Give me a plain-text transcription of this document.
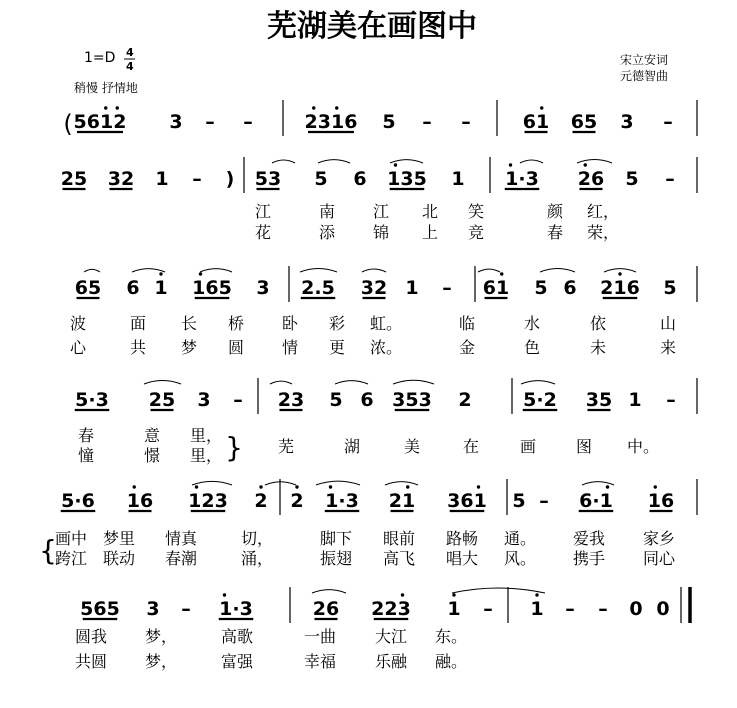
芜湖美在画图中
1=D 4
4
稍慢 抒情地
宋立安词
元德智曲
( 5612 3 – –	2316 5 – –	61 65 3 –
25 32 1 – ) 53 5 6 135 1 1·3 26 5 –
江	南 江 北 笑	颜 红，
花	添 锦 上 竞	春 荣，
65 6 1 165 3 2.5 32 1 – 61 5 6 216 5
波	面 长 桥 卧 彩 虹。	临	水	依	山
心	共 梦 圆 情 更 浓。	金	色	未	来
5·3 25 3 – 23 5 6 353 2	5·2 35 1 –
春	意 里，
憧	憬 里，	芜	湖	美	在	画 图 中。
5·6 16 123 2 2 1·3 21 361 5 – 6·1 16
画中 梦里 情真	切，	脚下 眼前 路畅 通。 爱我 家乡
跨江 联动 春潮	涌，	振翅 高飞 唱大 风。 携手 同心
565 3 – 1·3	26 223 1 – 1 – – 0 0
圆我 梦，	高歌	一曲 大江 东。
共圆 梦，	富强	幸福 乐融 融。
}
{
